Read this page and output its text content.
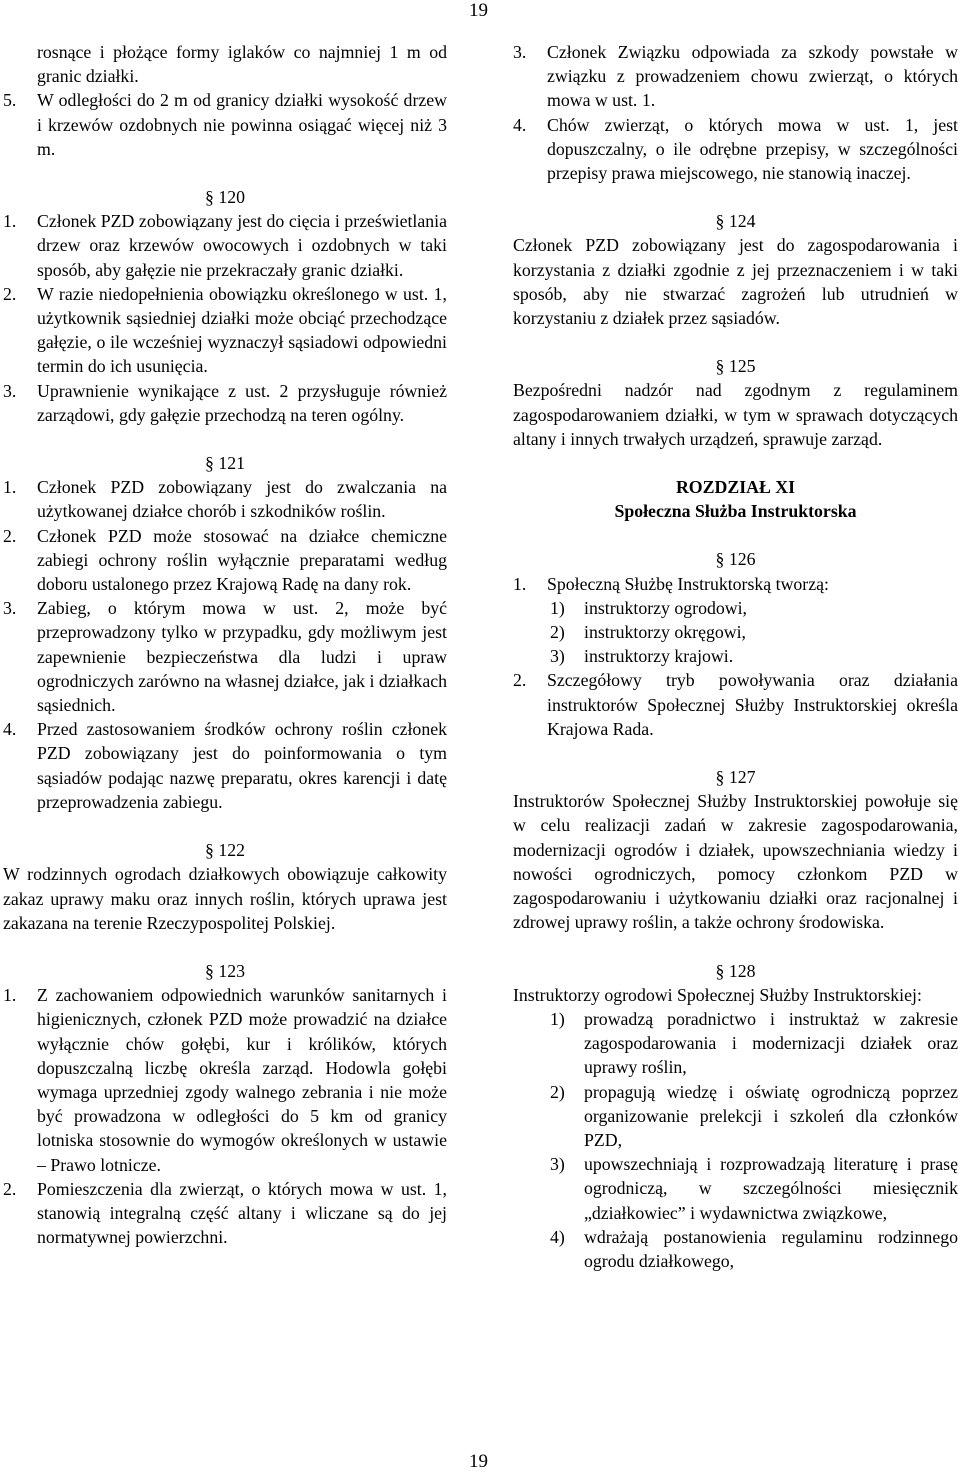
19
rosnące i płożące formy iglaków co najmniej 1 m od granic działki.
5. W odległości do 2 m od granicy działki wysokość drzew i krzewów ozdobnych nie powinna osiągać więcej niż 3 m.
§ 120
1. Członek PZD zobowiązany jest do cięcia i prześwietlania drzew oraz krzewów owocowych i ozdobnych w taki sposób, aby gałęzie nie przekraczały granic działki.
2. W razie niedopełnienia obowiązku określonego w ust. 1, użytkownik sąsiedniej działki może obciąć przechodzące gałęzie, o ile wcześniej wyznaczył sąsiadowi odpowiedni termin do ich usunięcia.
3. Uprawnienie wynikające z ust. 2 przysługuje również zarządowi, gdy gałęzie przechodzą na teren ogólny.
§ 121
1. Członek PZD zobowiązany jest do zwalczania na użytkowanej działce chorób i szkodników roślin.
2. Członek PZD może stosować na działce chemiczne zabiegi ochrony roślin wyłącznie preparatami według doboru ustalonego przez Krajową Radę na dany rok.
3. Zabieg, o którym mowa w ust. 2, może być przeprowadzony tylko w przypadku, gdy możliwym jest zapewnienie bezpieczeństwa dla ludzi i upraw ogrodniczych zarówno na własnej działce, jak i działkach sąsiednich.
4. Przed zastosowaniem środków ochrony roślin członek PZD zobowiązany jest do poinformowania o tym sąsiadów podając nazwę preparatu, okres karencji i datę przeprowadzenia zabiegu.
§ 122
W rodzinnych ogrodach działkowych obowiązuje całkowity zakaz uprawy maku oraz innych roślin, których uprawa jest zakazana na terenie Rzeczypospolitej Polskiej.
§ 123
1. Z zachowaniem odpowiednich warunków sanitarnych i higienicznych, członek PZD może prowadzić na działce wyłącznie chów gołębi, kur i królików, których dopuszczalną liczbę określa zarząd. Hodowla gołębi wymaga uprzedniej zgody walnego zebrania i nie może być prowadzona w odległości do 5 km od granicy lotniska stosownie do wymogów określonych w ustawie – Prawo lotnicze.
2. Pomieszczenia dla zwierząt, o których mowa w ust. 1, stanowią integralną część altany i wliczane są do jej normatywnej powierzchni.
3. Członek Związku odpowiada za szkody powstałe w związku z prowadzeniem chowu zwierząt, o których mowa w ust. 1.
4. Chów zwierząt, o których mowa w ust. 1, jest dopuszczalny, o ile odrębne przepisy, w szczególności przepisy prawa miejscowego, nie stanowią inaczej.
§ 124
Członek PZD zobowiązany jest do zagospodarowania i korzystania z działki zgodnie z jej przeznaczeniem i w taki sposób, aby nie stwarzać zagrożeń lub utrudnień w korzystaniu z działek przez sąsiadów.
§ 125
Bezpośredni nadzór nad zgodnym z regulaminem zagospodarowaniem działki, w tym w sprawach dotyczących altany i innych trwałych urządzeń, sprawuje zarząd.
ROZDZIAŁ XI
Społeczna Służba Instruktorska
§ 126
1. Społeczną Służbę Instruktorską tworzą:
1) instruktorzy ogrodowi,
2) instruktorzy okręgowi,
3) instruktorzy krajowi.
2. Szczegółowy tryb powoływania oraz działania instruktorów Społecznej Służby Instruktorskiej określa Krajowa Rada.
§ 127
Instruktorów Społecznej Służby Instruktorskiej powołuje się w celu realizacji zadań w zakresie zagospodarowania, modernizacji ogrodów i działek, upowszechniania wiedzy i nowości ogrodniczych, pomocy członkom PZD w zagospodarowaniu i użytkowaniu działki oraz racjonalnej i zdrowej uprawy roślin, a także ochrony środowiska.
§ 128
Instruktorzy ogrodowi Społecznej Służby Instruktorskiej:
1) prowadzą poradnictwo i instruktaż w zakresie zagospodarowania i modernizacji działek oraz uprawy roślin,
2) propagują wiedzę i oświatę ogrodniczą poprzez organizowanie prelekcji i szkoleń dla członków PZD,
3) upowszechniają i rozprowadzają literaturę i prasę ogrodniczą, w szczególności miesięcznik „działkowiec” i wydawnictwa związkowe,
4) wdrażają postanowienia regulaminu rodzinnego ogrodu działkowego,
19
